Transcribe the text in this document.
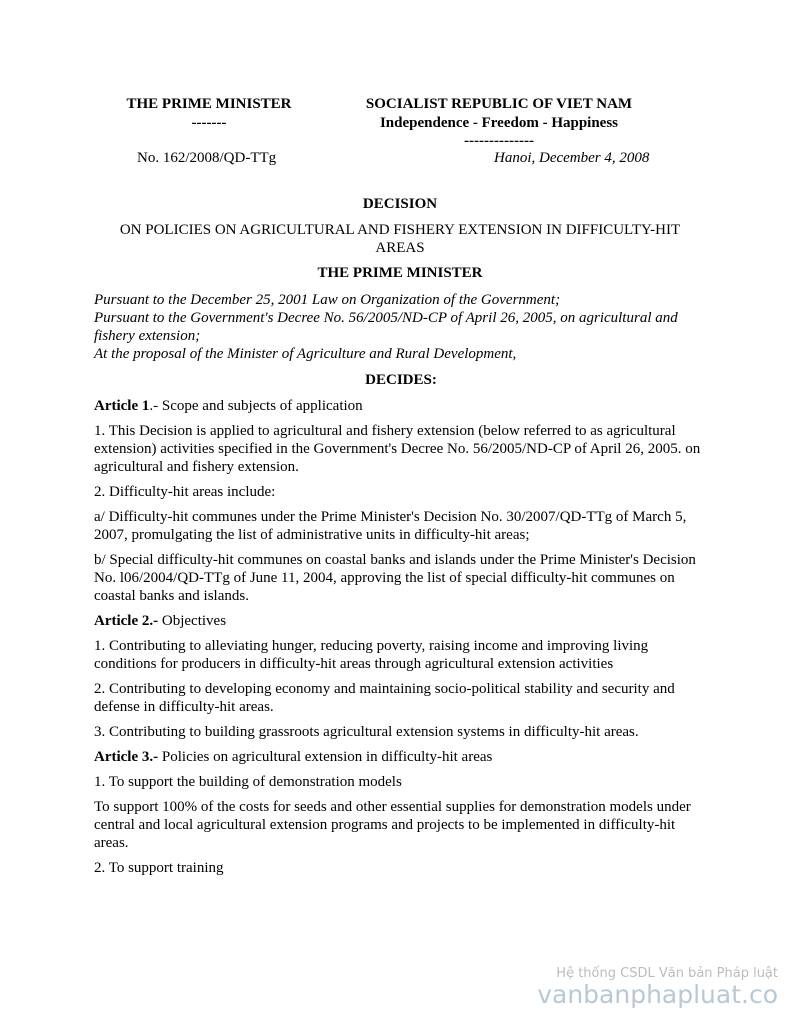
THE PRIME MINISTER
-------
SOCIALIST REPUBLIC OF VIET NAM
Independence - Freedom - Happiness
--------------
No. 162/2008/QD-TTg	Hanoi, December 4, 2008
DECISION
ON POLICIES ON AGRICULTURAL AND FISHERY EXTENSION IN DIFFICULTY-HIT
AREAS
THE PRIME MINISTER
Pursuant to the December 25, 2001 Law on Organization of the Government;
Pursuant to the Government's Decree No. 56/2005/ND-CP of April 26, 2005, on agricultural and fishery extension;
At the proposal of the Minister of Agriculture and Rural Development,
DECIDES:

Article 1.- Scope and subjects of application

1. This Decision is applied to agricultural and fishery extension (below referred to as agricultural extension) activities specified in the Government's Decree No. 56/2005/ND-CP of April 26, 2005. on agricultural and fishery extension.

2. Difficulty-hit areas include:

a/ Difficulty-hit communes under the Prime Minister's Decision No. 30/2007/QD-TTg of March 5, 2007, promulgating the list of administrative units in difficulty-hit areas;

b/ Special difficulty-hit communes on coastal banks and islands under the Prime Minister's Decision No. l06/2004/QD-TTg of June 11, 2004, approving the list of special difficulty-hit communes on coastal banks and islands.

Article 2.- Objectives

1. Contributing to alleviating hunger, reducing poverty, raising income and improving living conditions for producers in difficulty-hit areas through agricultural extension activities

2. Contributing to developing economy and maintaining socio-political stability and security and defense in difficulty-hit areas.

3. Contributing to building grassroots agricultural extension systems in difficulty-hit areas.

Article 3.- Policies on agricultural extension in difficulty-hit areas

1. To support the building of demonstration models

To support 100% of the costs for seeds and other essential supplies for demonstration models under central and local agricultural extension programs and projects to be implemented in difficulty-hit areas.

2. To support training

Hệ thống CSDL Văn bản Pháp luật
vanbanphapluat.co
